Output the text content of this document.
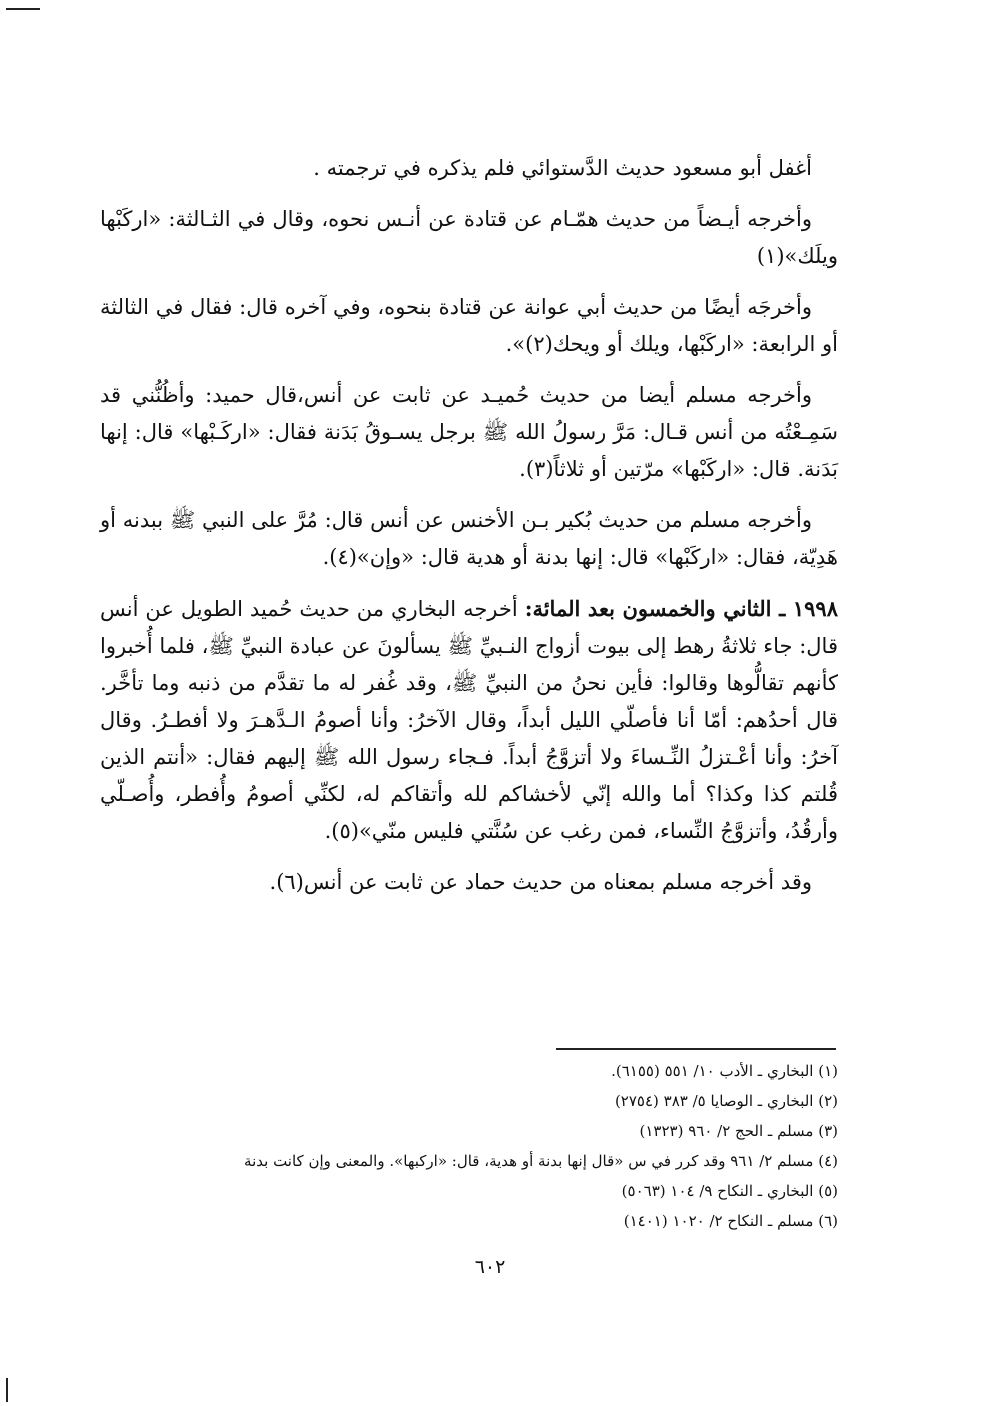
أغفل أبو مسعود حديث الدَّستوائي فلم يذكره في ترجمته .

وأخرجه أيـضاً من حديث همّـام عن قتادة عن أنـس نحوه، وقال في الثـالثة: «اركَبْها ويلَك»(١)

وأخرجَه أيضًا من حديث أبي عوانة عن قتادة بنحوه، وفي آخره قال: فقال في الثالثة أو الرابعة: «اركَبْها، ويلك أو ويحك(٢)».

وأخرجه مسلم أيضا من حديث حُميـد عن ثابت عن أنس،قال حميد: وأظُنُّني قد سَمِـعْتُه من أنس قـال: مَرَّ رسولُ الله ﷺ برجل يسـوقُ بَدَنة فقال: «اركَـبْها» قال: إنها بَدَنة. قال: «اركَبْها» مرّتين أو ثلاثاً(٣).

وأخرجه مسلم من حديث بُكير بـن الأخنس عن أنس قال: مُرَّ على النبي ﷺ ببدنه أو هَدِيّة، فقال: «اركَبْها» قال: إنها بدنة أو هدية قال: «وإن»(٤).

١٩٩٨ ـ الثاني والخمسون بعد المائة: أخرجه البخاري من حديث حُميد الطويل عن أنس قال: جاء ثلاثةُ رهط إلى بيوت أزواج النـبيِّ ﷺ يسألونَ عن عبادة النبيِّ ﷺ، فلما أُخبروا كأنهم تقالُّوها وقالوا: فأين نحنُ من النبيِّ ﷺ، وقد غُفر له ما تقدَّم من ذنبه وما تأخَّر. قال أحدُهم: أمّا أنا فأصلّي الليل أبداً، وقال الآخرُ: وأنا أصومُ الـدَّهـرَ ولا أفطـرُ. وقال آخرُ: وأنا أعْـتزلُ النِّـساءَ ولا أتزوَّجُ أبداً. فـجاء رسول الله ﷺ إليهم فقال: «أنتم الذين قُلتم كذا وكذا؟ أما والله إنّي لأخشاكم لله وأتقاكم له، لكنِّي أصومُ وأُفطر، وأُصـلّي وأرقُدُ، وأتزوَّجُ النِّساء، فمن رغب عن سُنَّتي فليس منّي»(٥).

وقد أخرجه مسلم بمعناه من حديث حماد عن ثابت عن أنس(٦).

(١) البخاري ـ الأدب ١٠/ ٥٥١ (٦١٥٥).
(٢) البخاري ـ الوصايا ٥/ ٣٨٣ (٢٧٥٤)
(٣) مسلم ـ الحج ٢/ ٩٦٠ (١٣٢٣)
(٤) مسلم ٢/ ٩٦١ وقد كرر في س «قال إنها بدنة أو هدية، قال: «اركبها». والمعنى وإن كانت بدنة
(٥) البخاري ـ النكاح ٩/ ١٠٤ (٥٠٦٣)
(٦) مسلم ـ النكاح ٢/ ١٠٢٠ (١٤٠١)
٦٠٢
